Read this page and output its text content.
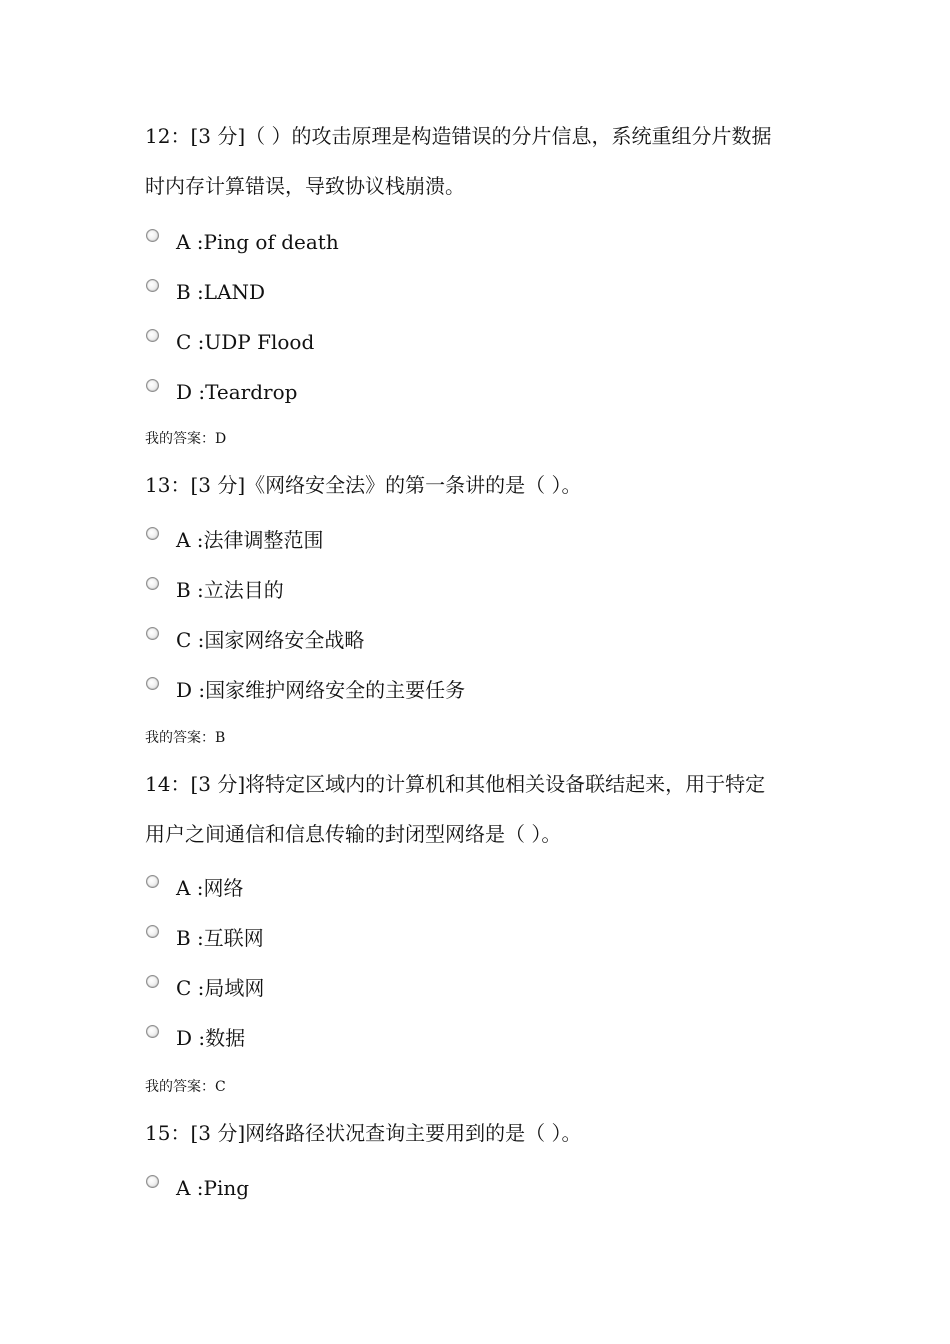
12：[3 分]（ ）的攻击原理是构造错误的分片信息，系统重组分片数据
时内存计算错误，导致协议栈崩溃。
A :Ping of death
B :LAND
C :UDP Flood
D :Teardrop
我的答案：D
13：[3 分]《网络安全法》的第一条讲的是（ ）。
A :法律调整范围
B :立法目的
C :国家网络安全战略
D :国家维护网络安全的主要任务
我的答案：B
14：[3 分]将特定区域内的计算机和其他相关设备联结起来，用于特定
用户之间通信和信息传输的封闭型网络是（ ）。
A :网络
B :互联网
C :局域网
D :数据
我的答案：C
15：[3 分]网络路径状况查询主要用到的是（ ）。
A :Ping
